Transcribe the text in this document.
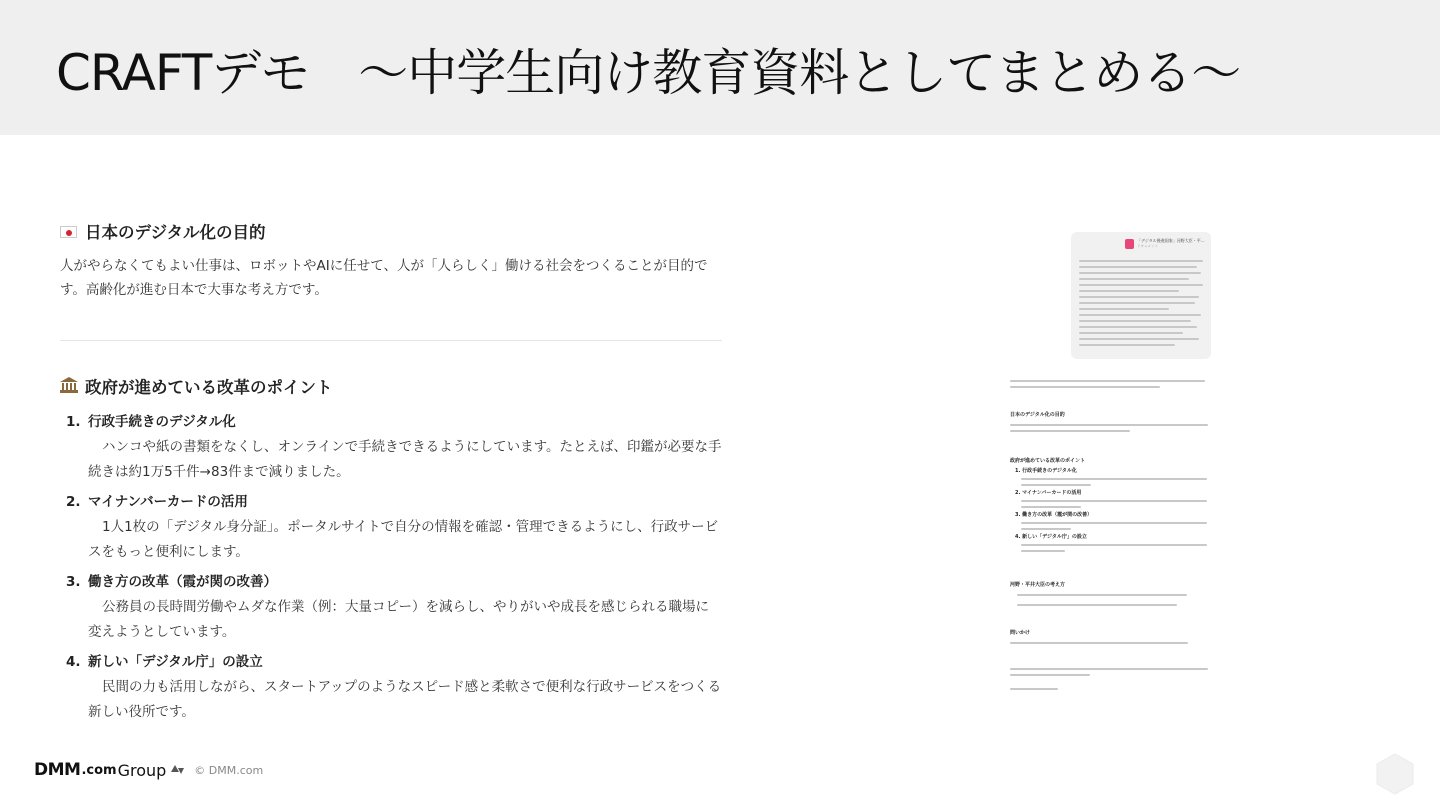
CRAFTデモ　～中学生向け教育資料としてまとめる～
日本のデジタル化の目的
人がやらなくてもよい仕事は、ロボットやAIに任せて、人が「人らしく」働ける社会をつくることが目的です。高齢化が進む日本で大事な考え方です。
政府が進めている改革のポイント
1. 行政手続きのデジタル化
ハンコや紙の書類をなくし、オンラインで手続きできるようにしています。たとえば、印鑑が必要な手続きは約1万5千件→83件まで減りました。
2. マイナンバーカードの活用
1人1枚の「デジタル身分証」。ポータルサイトで自分の情報を確認・管理できるようにし、行政サービスをもっと便利にします。
3. 働き方の改革（霞が関の改善）
公務員の長時間労働やムダな作業（例：大量コピー）を減らし、やりがいや成長を感じられる職場に変えようとしています。
4. 新しい「デジタル庁」の設立
民間の力も活用しながら、スタートアップのようなスピード感と柔軟さで便利な行政サービスをつくる新しい役所です。
「デジタル後進国家」河野大臣・平…
ドキュメント
日本のデジタル化の目的
政府が進めている改革のポイント
1. 行政手続きのデジタル化
2. マイナンバーカードの活用
3. 働き方の改革（霞が関の改善）
4. 新しい「デジタル庁」の設立
河野・平井大臣の考え方
問いかけ
DMM .com Group	© DMM.com
